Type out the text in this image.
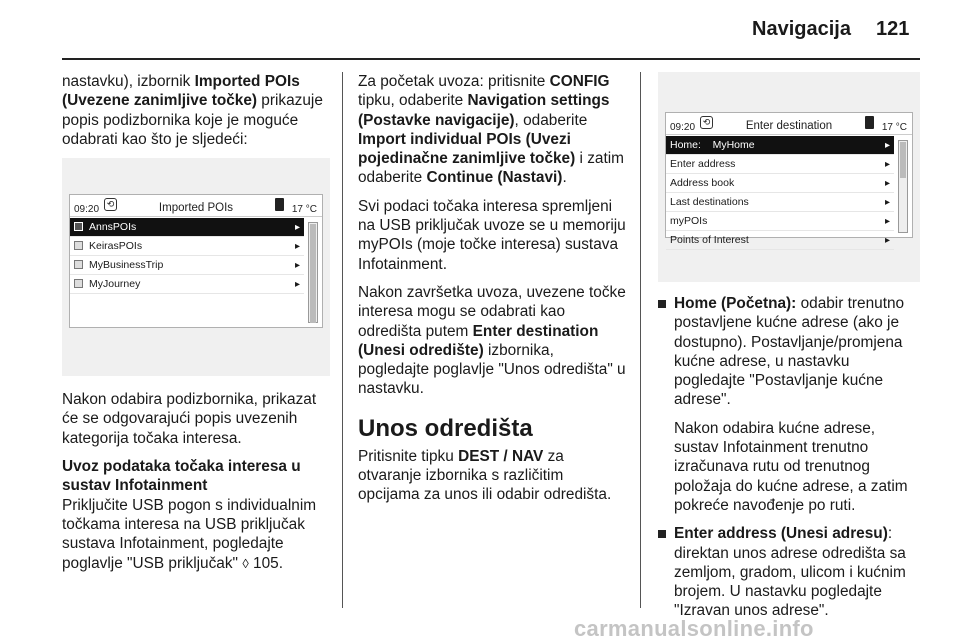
Navigacija 121

nastavku), izbornik Imported POIs (Uvezene zanimljive točke) prikazuje popis podizbornika koje je moguće odabrati kao što je sljedeći:

09:20 ⟲	Imported POIs	17 °C
AnnsPOIs	▸
KeirasPOIs	▸
MyBusinessTrip	▸
MyJourney	▸

Nakon odabira podizbornika, prikazat će se odgovarajući popis uvezenih kategorija točaka interesa.

Uvoz podataka točaka interesa u sustav Infotainment

Priključite USB pogon s individualnim točkama interesa na USB priključak sustava Infotainment, pogledajte poglavlje "USB priključak" ◊ 105.

Za početak uvoza: pritisnite CONFIG tipku, odaberite Navigation settings (Postavke navigacije), odaberite Import individual POIs (Uvezi pojedinačne zanimljive točke) i zatim odaberite Continue (Nastavi).

Svi podaci točaka interesa spremljeni na USB priključak uvoze se u memoriju myPOIs (moje točke interesa) sustava Infotainment.

Nakon završetka uvoza, uvezene točke interesa mogu se odabrati kao odredišta putem Enter destination (Unesi odredište) izbornika, pogledajte poglavlje "Unos odredišta" u nastavku.

Unos odredišta

Pritisnite tipku DEST / NAV za otvaranje izbornika s različitim opcijama za unos ili odabir odredišta.

09:20 ⟲	Enter destination	17 °C
Home:    MyHome	▸
Enter address	▸
Address book	▸
Last destinations	▸
myPOIs	▸
Points of Interest	▸
Home (Početna): odabir trenutno postavljene kućne adrese (ako je dostupno). Postavljanje/promjena kućne adrese, u nastavku pogledajte "Postavljanje kućne adrese".

Nakon odabira kućne adrese, sustav Infotainment trenutno izračunava rutu od trenutnog položaja do kućne adrese, a zatim pokreće navođenje po ruti.

Enter address (Unesi adresu): direktan unos adrese odredišta sa zemljom, gradom, ulicom i kućnim brojem. U nastavku pogledajte "Izravan unos adrese".
carmanualsonline.info
